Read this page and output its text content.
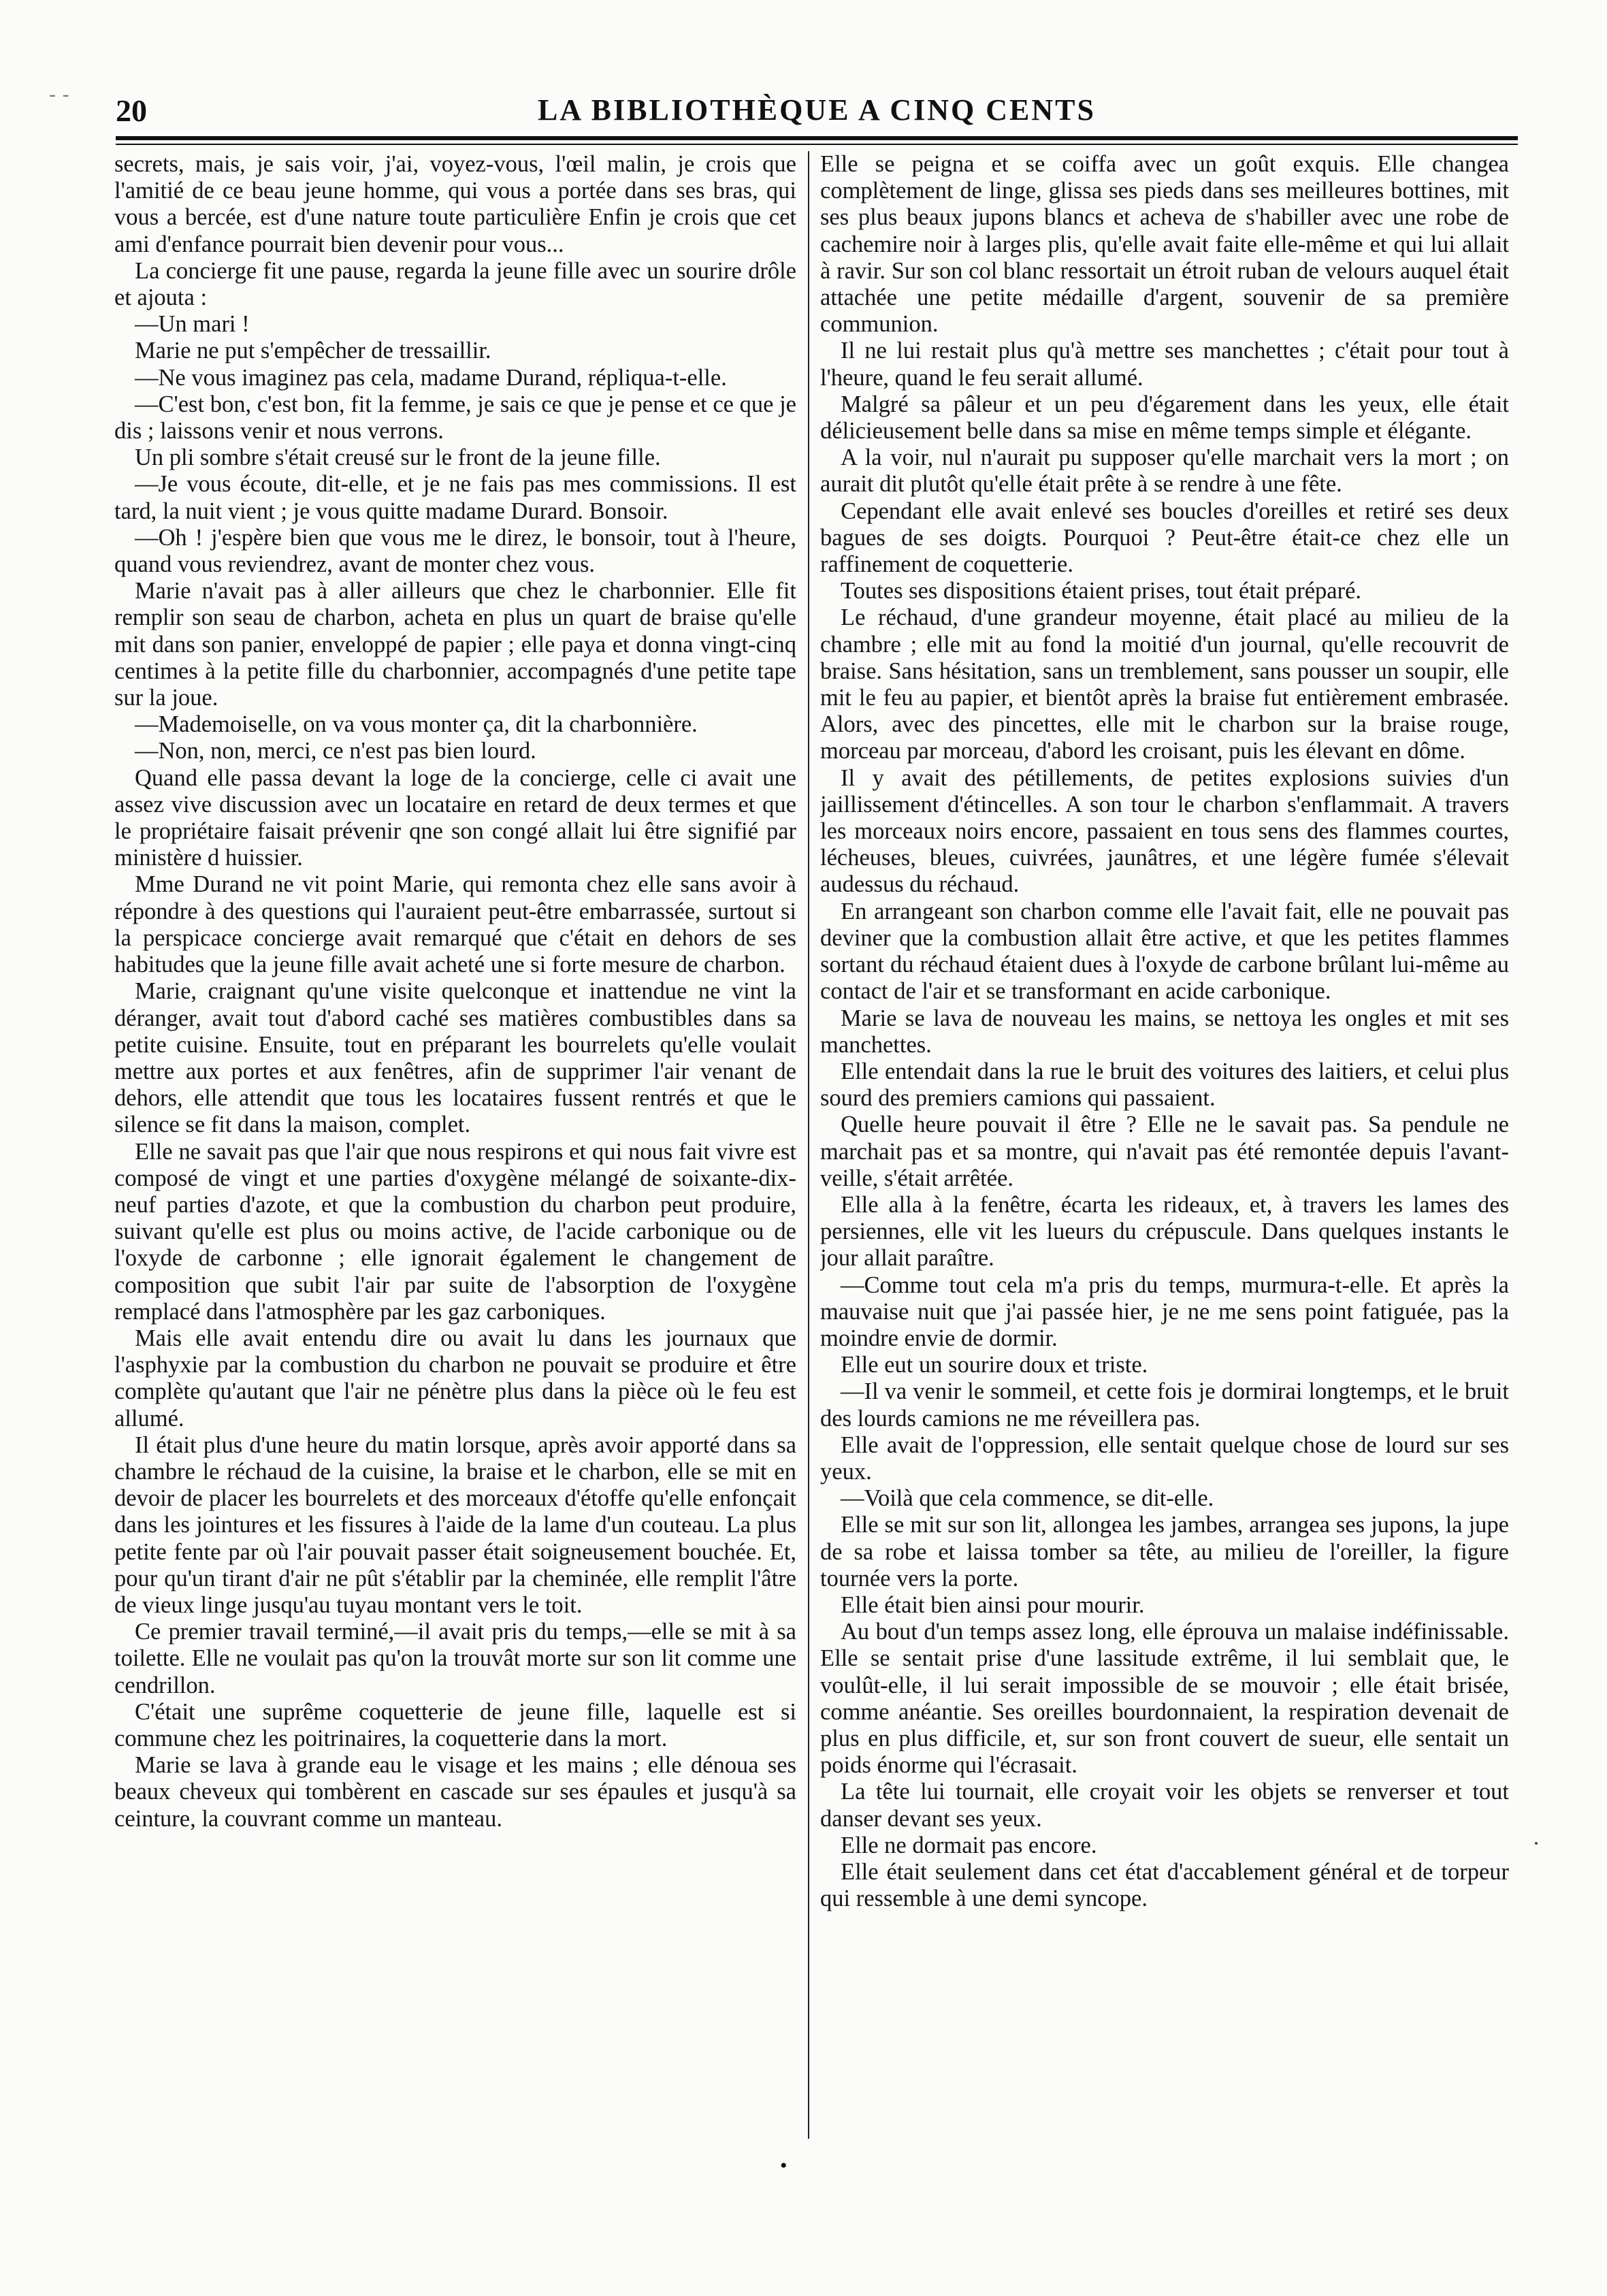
- - 20	LA BIBLIOTHÈQUE A CINQ CENTS

secrets, mais, je sais voir, j'ai, voyez-vous, l'œil malin, je crois que l'amitié de ce beau jeune homme, qui vous a portée dans ses bras, qui vous a bercée, est d'une nature toute particulière Enfin je crois que cet ami d'enfance pourrait bien devenir pour vous...

La concierge fit une pause, regarda la jeune fille avec un sourire drôle et ajouta :

—Un mari !

Marie ne put s'empêcher de tressaillir.

—Ne vous imaginez pas cela, madame Durand, répliqua-t-elle.

—C'est bon, c'est bon, fit la femme, je sais ce que je pense et ce que je dis ; laissons venir et nous verrons.

Un pli sombre s'était creusé sur le front de la jeune fille.

—Je vous écoute, dit-elle, et je ne fais pas mes commissions. Il est tard, la nuit vient ; je vous quitte madame Durard. Bonsoir.

—Oh ! j'espère bien que vous me le direz, le bonsoir, tout à l'heure, quand vous reviendrez, avant de monter chez vous.

Marie n'avait pas à aller ailleurs que chez le charbonnier. Elle fit remplir son seau de charbon, acheta en plus un quart de braise qu'elle mit dans son panier, enveloppé de papier ; elle paya et donna vingt-cinq centimes à la petite fille du charbonnier, accompagnés d'une petite tape sur la joue.

—Mademoiselle, on va vous monter ça, dit la charbonnière.

—Non, non, merci, ce n'est pas bien lourd.

Quand elle passa devant la loge de la concierge, celle ci avait une assez vive discussion avec un locataire en retard de deux termes et que le propriétaire faisait prévenir qne son congé allait lui être signifié par ministère d huissier.

Mme Durand ne vit point Marie, qui remonta chez elle sans avoir à répondre à des questions qui l'auraient peut-être embarrassée, surtout si la perspicace concierge avait remarqué que c'était en dehors de ses habitudes que la jeune fille avait acheté une si forte mesure de charbon.

Marie, craignant qu'une visite quelconque et inattendue ne vint la déranger, avait tout d'abord caché ses matières combustibles dans sa petite cuisine. Ensuite, tout en préparant les bourrelets qu'elle voulait mettre aux portes et aux fenêtres, afin de supprimer l'air venant de dehors, elle attendit que tous les locataires fussent rentrés et que le silence se fit dans la maison, complet.

Elle ne savait pas que l'air que nous respirons et qui nous fait vivre est composé de vingt et une parties d'oxygène mélangé de soixante-dix-neuf parties d'azote, et que la combustion du charbon peut produire, suivant qu'elle est plus ou moins active, de l'acide carbonique ou de l'oxyde de carbonne ; elle ignorait également le changement de composition que subit l'air par suite de l'absorption de l'oxygène remplacé dans l'atmosphère par les gaz carboniques.

Mais elle avait entendu dire ou avait lu dans les journaux que l'asphyxie par la combustion du charbon ne pouvait se produire et être complète qu'autant que l'air ne pénètre plus dans la pièce où le feu est allumé.

Il était plus d'une heure du matin lorsque, après avoir apporté dans sa chambre le réchaud de la cuisine, la braise et le charbon, elle se mit en devoir de placer les bourrelets et des morceaux d'étoffe qu'elle enfonçait dans les jointures et les fissures à l'aide de la lame d'un couteau. La plus petite fente par où l'air pouvait passer était soigneusement bouchée. Et, pour qu'un tirant d'air ne pût s'établir par la cheminée, elle remplit l'âtre de vieux linge jusqu'au tuyau montant vers le toit.

Ce premier travail terminé,—il avait pris du temps,—elle se mit à sa toilette. Elle ne voulait pas qu'on la trouvât morte sur son lit comme une cendrillon.

C'était une suprême coquetterie de jeune fille, laquelle est si commune chez les poitrinaires, la coquetterie dans la mort.

Marie se lava à grande eau le visage et les mains ; elle dénoua ses beaux cheveux qui tombèrent en cascade sur ses épaules et jusqu'à sa ceinture, la couvrant comme un manteau.

Elle se peigna et se coiffa avec un goût exquis. Elle changea complètement de linge, glissa ses pieds dans ses meilleures bottines, mit ses plus beaux jupons blancs et acheva de s'habiller avec une robe de cachemire noir à larges plis, qu'elle avait faite elle-même et qui lui allait à ravir. Sur son col blanc ressortait un étroit ruban de velours auquel était attachée une petite médaille d'argent, souvenir de sa première communion.

Il ne lui restait plus qu'à mettre ses manchettes ; c'était pour tout à l'heure, quand le feu serait allumé.

Malgré sa pâleur et un peu d'égarement dans les yeux, elle était délicieusement belle dans sa mise en même temps simple et élégante.

A la voir, nul n'aurait pu supposer qu'elle marchait vers la mort ; on aurait dit plutôt qu'elle était prête à se rendre à une fête.

Cependant elle avait enlevé ses boucles d'oreilles et retiré ses deux bagues de ses doigts. Pourquoi ? Peut-être était-ce chez elle un raffinement de coquetterie.

Toutes ses dispositions étaient prises, tout était préparé.

Le réchaud, d'une grandeur moyenne, était placé au milieu de la chambre ; elle mit au fond la moitié d'un journal, qu'elle recouvrit de braise. Sans hésitation, sans un tremblement, sans pousser un soupir, elle mit le feu au papier, et bientôt après la braise fut entièrement embrasée. Alors, avec des pincettes, elle mit le charbon sur la braise rouge, morceau par morceau, d'abord les croisant, puis les élevant en dôme.

Il y avait des pétillements, de petites explosions suivies d'un jaillissement d'étincelles. A son tour le charbon s'enflammait. A travers les morceaux noirs encore, passaient en tous sens des flammes courtes, lécheuses, bleues, cuivrées, jaunâtres, et une légère fumée s'élevait audessus du réchaud.

En arrangeant son charbon comme elle l'avait fait, elle ne pouvait pas deviner que la combustion allait être active, et que les petites flammes sortant du réchaud étaient dues à l'oxyde de carbone brûlant lui-même au contact de l'air et se transformant en acide carbonique.

Marie se lava de nouveau les mains, se nettoya les ongles et mit ses manchettes.

Elle entendait dans la rue le bruit des voitures des laitiers, et celui plus sourd des premiers camions qui passaient.

Quelle heure pouvait il être ? Elle ne le savait pas. Sa pendule ne marchait pas et sa montre, qui n'avait pas été remontée depuis l'avant-veille, s'était arrêtée.

Elle alla à la fenêtre, écarta les rideaux, et, à travers les lames des persiennes, elle vit les lueurs du crépuscule. Dans quelques instants le jour allait paraître.

—Comme tout cela m'a pris du temps, murmura-t-elle. Et après la mauvaise nuit que j'ai passée hier, je ne me sens point fatiguée, pas la moindre envie de dormir.

Elle eut un sourire doux et triste.

—Il va venir le sommeil, et cette fois je dormirai longtemps, et le bruit des lourds camions ne me réveillera pas.

Elle avait de l'oppression, elle sentait quelque chose de lourd sur ses yeux.

—Voilà que cela commence, se dit-elle.

Elle se mit sur son lit, allongea les jambes, arrangea ses jupons, la jupe de sa robe et laissa tomber sa tête, au milieu de l'oreiller, la figure tournée vers la porte.

Elle était bien ainsi pour mourir.

Au bout d'un temps assez long, elle éprouva un malaise indéfinissable. Elle se sentait prise d'une lassitude extrême, il lui semblait que, le voulût-elle, il lui serait impossible de se mouvoir ; elle était brisée, comme anéantie. Ses oreilles bourdonnaient, la respiration devenait de plus en plus difficile, et, sur son front couvert de sueur, elle sentait un poids énorme qui l'écrasait.

La tête lui tournait, elle croyait voir les objets se renverser et tout danser devant ses yeux.

Elle ne dormait pas encore.

Elle était seulement dans cet état d'accablement général et de torpeur qui ressemble à une demi syncope.

•
